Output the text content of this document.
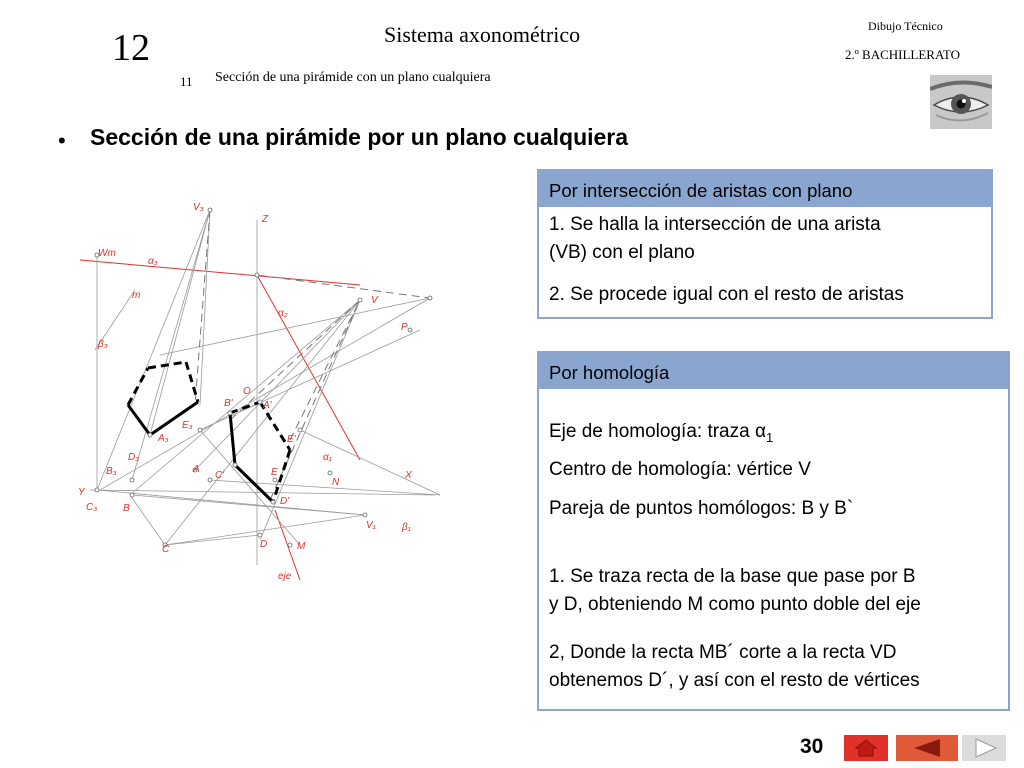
12	Sistema axonométrico
11 Sección de una pirámide con un plano cualquiera
Dibujo Técnico
2.º BACHILLERATO
• Sección de una pirámide por un plano cualquiera
V₃
Z
Wm
α₃
m	V
α₂
P
β₃
O
B'	A'
E₃
E'
A₃
D₃	α₁
X
A
C'	E
N
B₃
Y
D'
C₃	B
V₁	β₁
C	D	M
eje
Por intersección de aristas con plano
1. Se halla la intersección de una arista
(VB) con el plano
2. Se procede igual con el resto de aristas
Por homología
Eje de homología: traza $\alpha_1$
Centro de homología: vértice V
Pareja de puntos homólogos: B y B`
1. Se traza recta de la base que pase por B
y D, obteniendo M como punto doble del eje
2, Donde la recta MB´ corte a la recta VD
obtenemos D´, y así con el resto de vértices
30
